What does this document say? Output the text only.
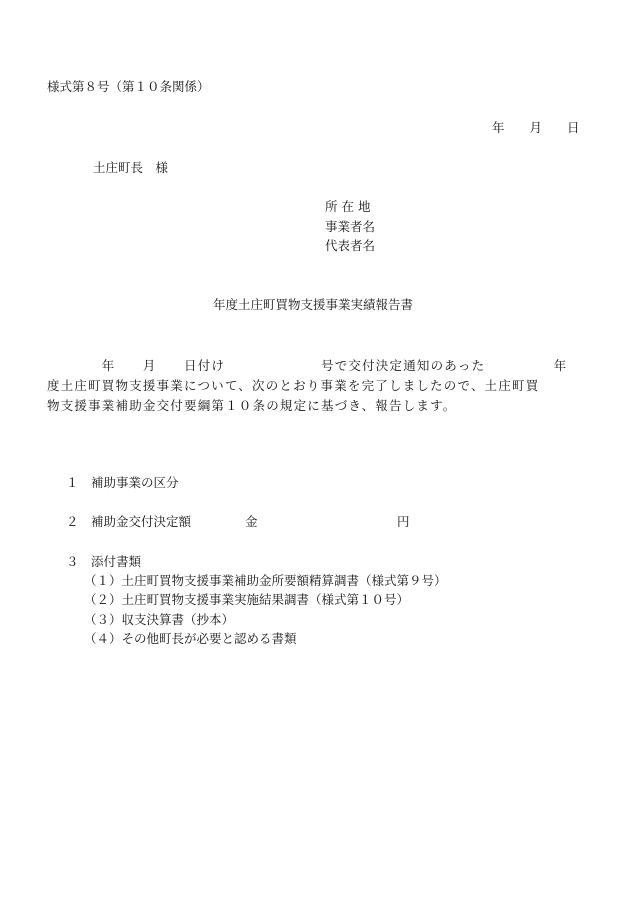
様式第８号（第１０条関係）
年　　月　　日
土庄町長　様
所 在 地
事業者名
代表者名
年度土庄町買物支援事業実績報告書
　　　　年　　月　　日付け　　　　　　　号で交付決定通知のあった　　　　　年
度土庄町買物支援事業について、次のとおり事業を完了しましたので、土庄町買
物支援事業補助金交付要綱第１０条の規定に基づき、報告します。
１　補助事業の区分
２　補助金交付決定額	金	円
３　添付書類
（１）土庄町買物支援事業補助金所要額精算調書（様式第９号）
（２）土庄町買物支援事業実施結果調書（様式第１０号）
（３）収支決算書（抄本）
（４）その他町長が必要と認める書類
